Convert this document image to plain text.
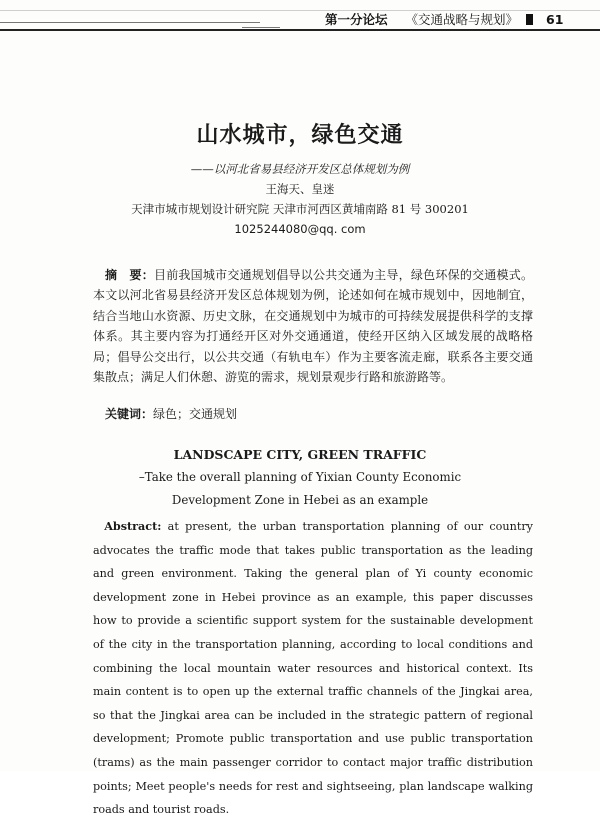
第一分论坛 《交通战略与规划》 61
山水城市，绿色交通
——以河北省易县经济开发区总体规划为例
王海天、皇迷
天津市城市规划设计研究院 天津市河西区黄埔南路 81 号 300201
1025244080@qq. com

摘　要：目前我国城市交通规划倡导以公共交通为主导，绿色环保的交通模式。本文以河北省易县经济开发区总体规划为例，论述如何在城市规划中，因地制宜，结合当地山水资源、历史文脉，在交通规划中为城市的可持续发展提供科学的支撑体系。其主要内容为打通经开区对外交通通道，使经开区纳入区域发展的战略格局；倡导公交出行，以公共交通（有轨电车）作为主要客流走廊，联系各主要交通集散点；满足人们休憩、游览的需求，规划景观步行路和旅游路等。

关键词：绿色；交通规划

LANDSCAPE CITY, GREEN TRAFFIC
–Take the overall planning of Yixian County Economic
Development Zone in Hebei as an example

Abstract: at present, the urban transportation planning of our country advocates the traffic mode that takes public transportation as the leading and green environment. Taking the general plan of Yi county economic development zone in Hebei province as an example, this paper discusses how to provide a scientific support system for the sustainable development of the city in the transportation planning, according to local conditions and combining the local mountain water resources and historical context. Its main content is to open up the external traffic channels of the Jingkai area, so that the Jingkai area can be included in the strategic pattern of regional development; Promote public transportation and use public transportation (trams) as the main passenger corridor to contact major traffic distribution points; Meet people's needs for rest and sightseeing, plan landscape walking roads and tourist roads.
